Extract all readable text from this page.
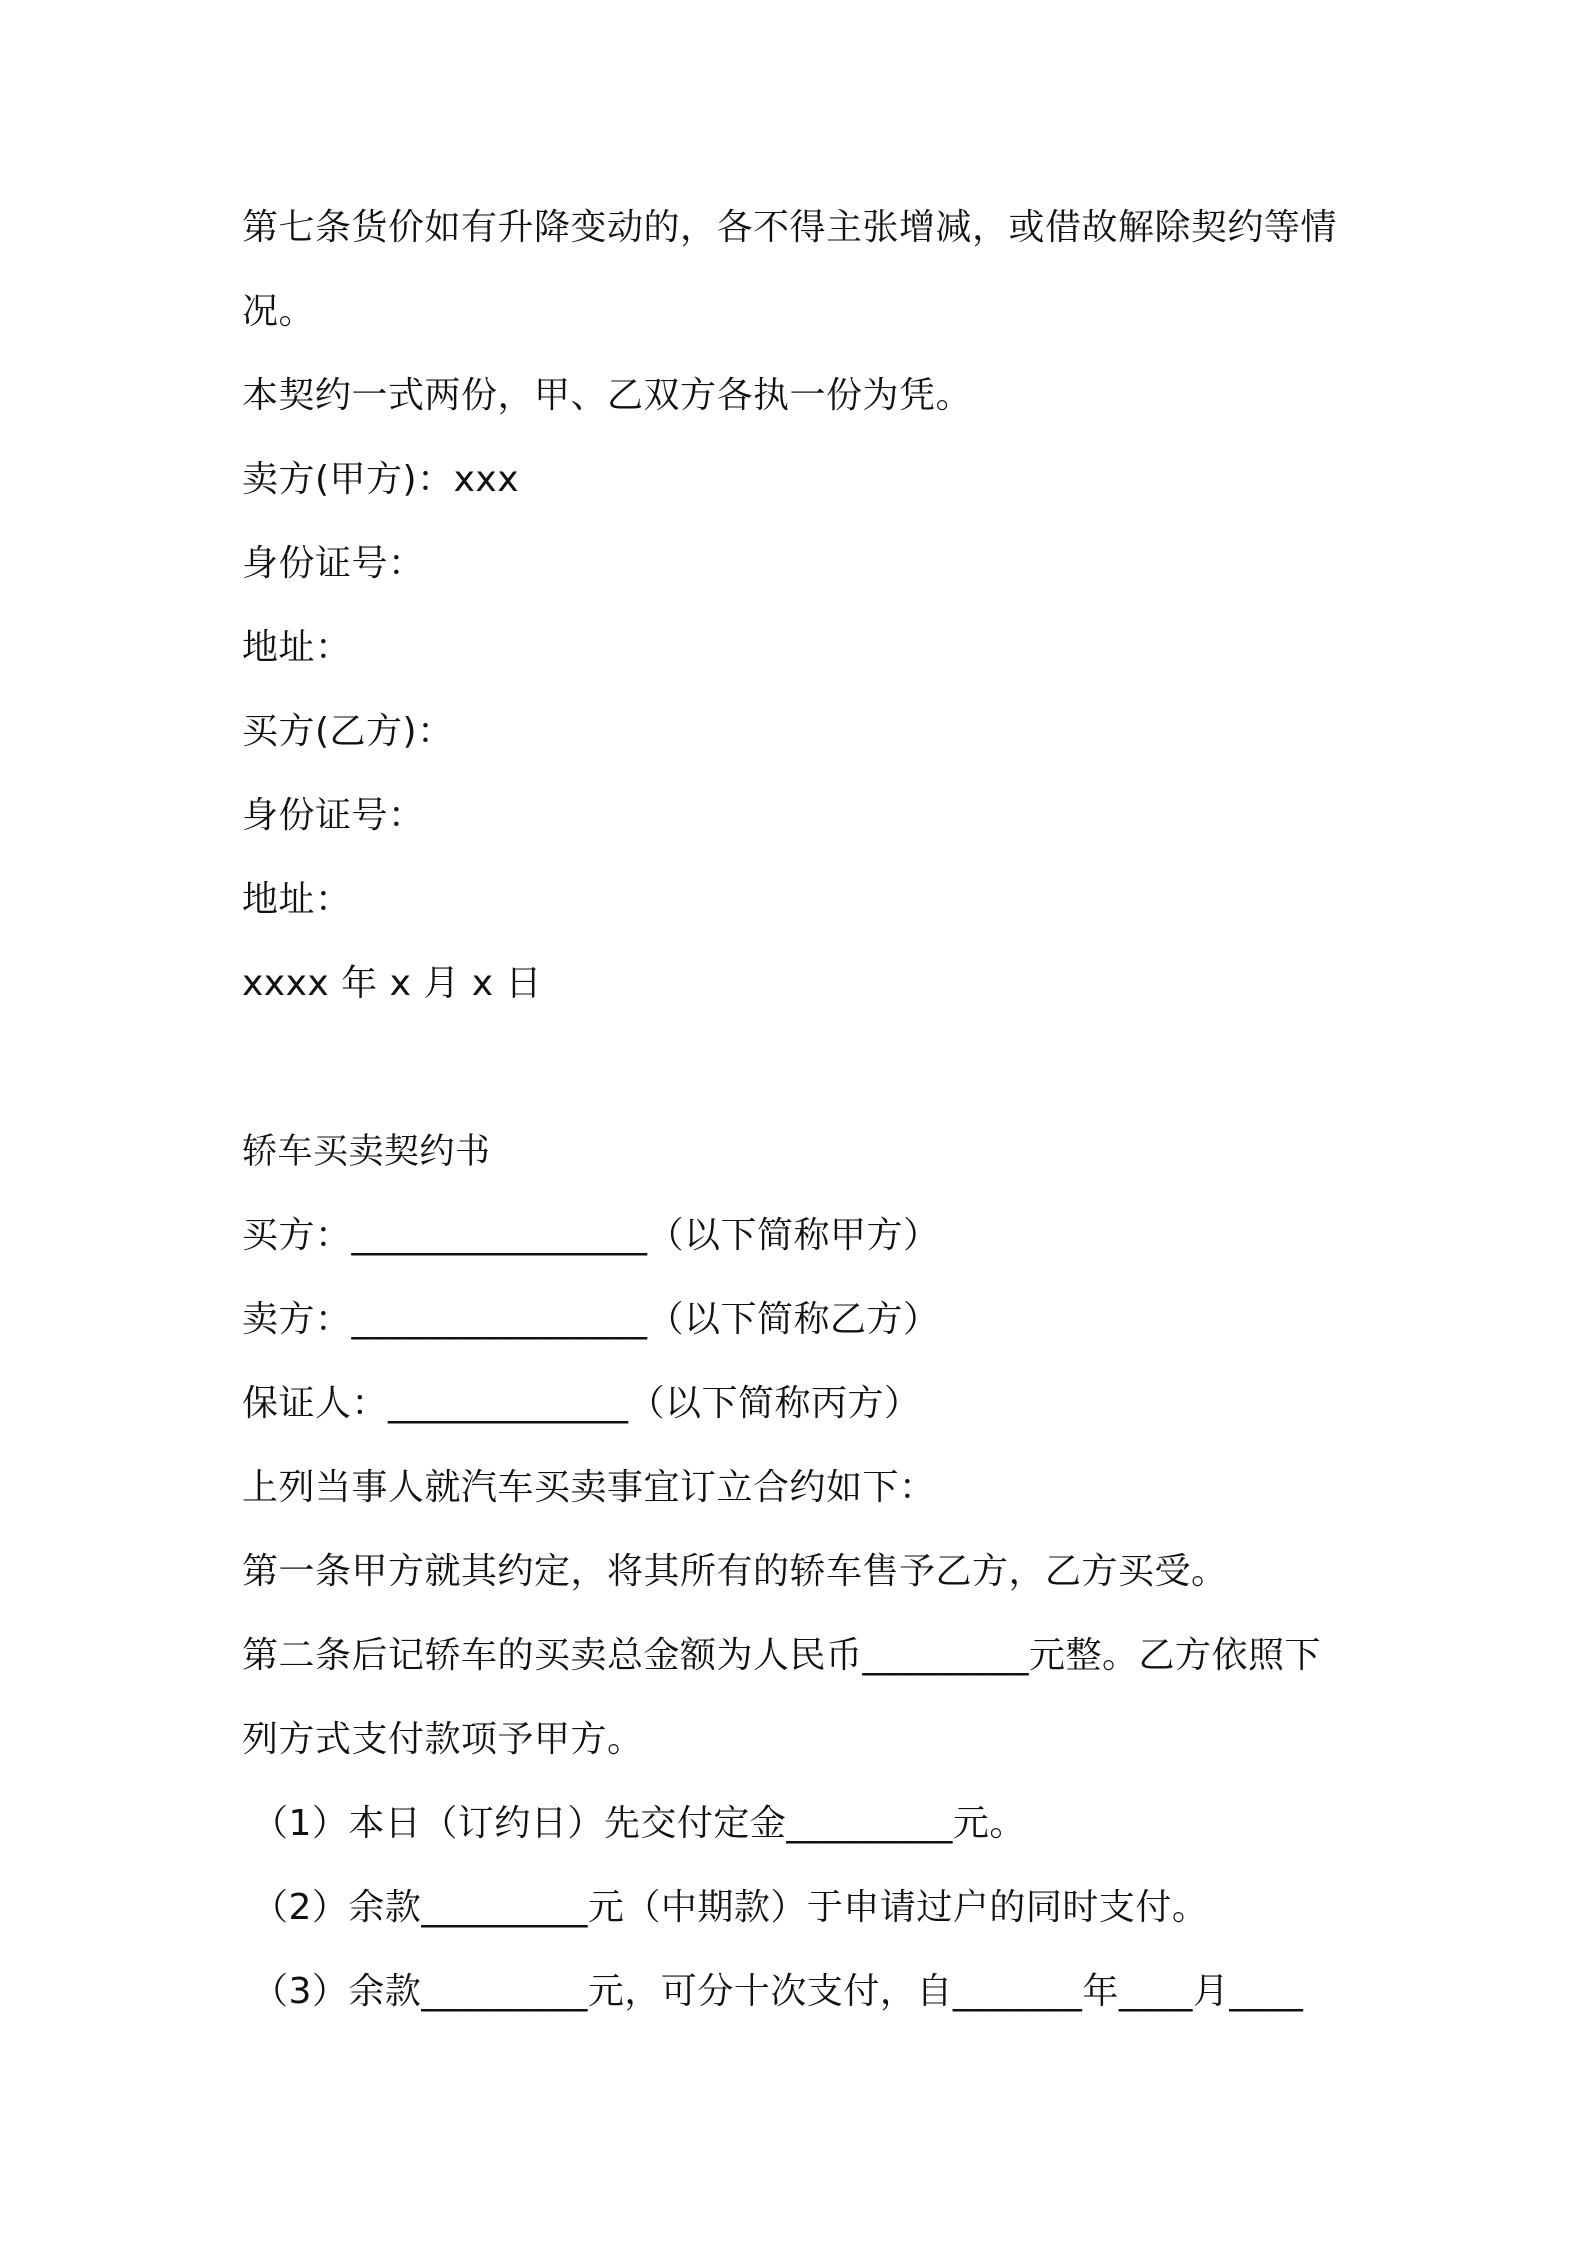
第七条货价如有升降变动的，各不得主张增减，或借故解除契约等情
况。
本契约一式两份，甲、乙双方各执一份为凭。
卖方(甲方)：xxx
身份证号：
地址：
买方(乙方)：
身份证号：
地址：
xxxx 年 x 月 x 日
轿车买卖契约书
买方：________________（以下简称甲方）
卖方：________________（以下简称乙方）
保证人：_____________（以下简称丙方）
上列当事人就汽车买卖事宜订立合约如下：
第一条甲方就其约定，将其所有的轿车售予乙方，乙方买受。
第二条后记轿车的买卖总金额为人民币_________元整。乙方依照下
列方式支付款项予甲方。
（1）本日（订约日）先交付定金_________元。
（2）余款_________元（中期款）于申请过户的同时支付。
（3）余款_________元，可分十次支付，自_______年____月____
